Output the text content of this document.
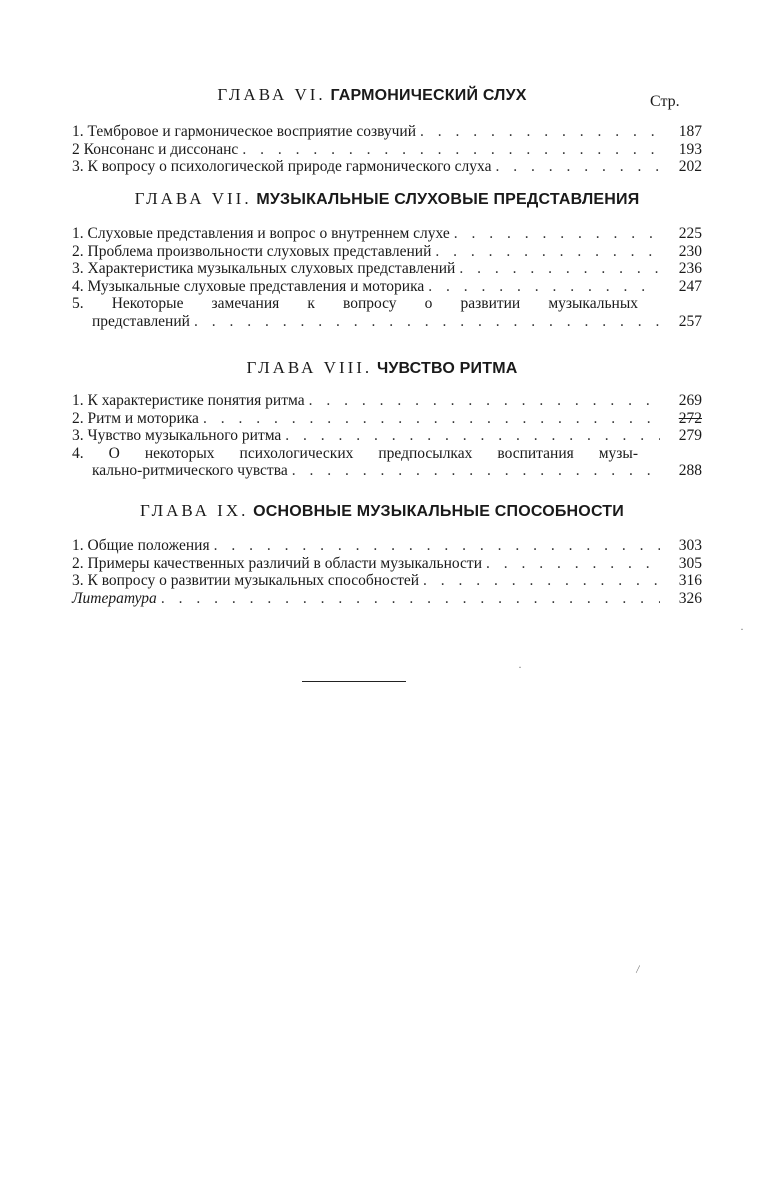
Стр.
ГЛАВА VI. ГАРМОНИЧЕСКИЙ СЛУХ
1. Тембровое и гармоническое восприятие созвучий . . .	187
2 Консонанс и диссонанс . . .	193
3. К вопросу о психологической природе гармонического слуха . . .	202
ГЛАВА VII. МУЗЫКАЛЬНЫЕ СЛУХОВЫЕ ПРЕДСТАВЛЕНИЯ
1. Слуховые представления и вопрос о внутреннем слухе . . .	225
2. Проблема произвольности слуховых представлений . . .	230
3. Характеристика музыкальных слуховых представлений . . .	236
4. Музыкальные слуховые представления и моторика . . .	247
5. Некоторые замечания к вопросу о развитии музыкальных
представлений . . .	257
ГЛАВА VIII. ЧУВСТВО РИТМА
1. К характеристике понятия ритма . . .	269
2. Ритм и моторика . . .	272
3. Чувство музыкального ритма . . .	279
4. О некоторых психологических предпосылках воспитания музы-
кально-ритмического чувства . . .	288
ГЛАВА IX. ОСНОВНЫЕ МУЗЫКАЛЬНЫЕ СПОСОБНОСТИ
1. Общие положения . . .	303
2. Примеры качественных различий в области музыкальности . . .	305
3. К вопросу о развитии музыкальных способностей . . .	316
Литература . . .	326
·
·
\
